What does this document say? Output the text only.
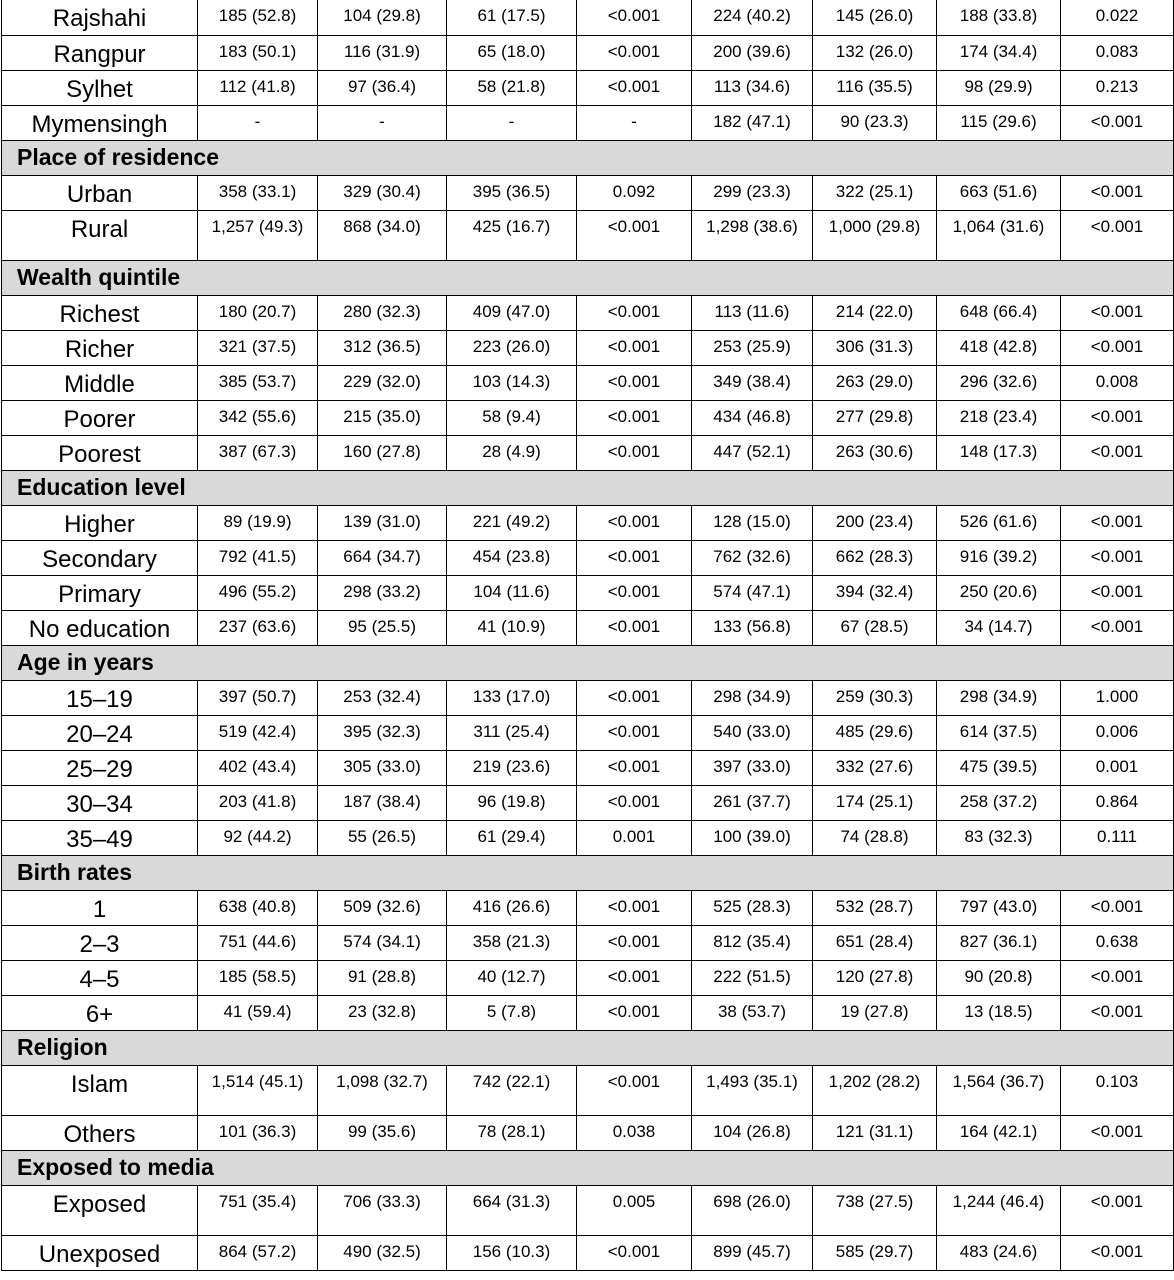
Rajshahi	185 (52.8)	104 (29.8)	61 (17.5)	<0.001	224 (40.2)	145 (26.0)	188 (33.8)	0.022
Rangpur	183 (50.1)	116 (31.9)	65 (18.0)	<0.001	200 (39.6)	132 (26.0)	174 (34.4)	0.083
Sylhet	112 (41.8)	97 (36.4)	58 (21.8)	<0.001	113 (34.6)	116 (35.5)	98 (29.9)	0.213
Mymensingh	-	-	-	-	182 (47.1)	90 (23.3)	115 (29.6)	<0.001
Place of residence								
Urban	358 (33.1)	329 (30.4)	395 (36.5)	0.092	299 (23.3)	322 (25.1)	663 (51.6)	<0.001
Rural	1,257 (49.3)	868 (34.0)	425 (16.7)	<0.001	1,298 (38.6)	1,000 (29.8)	1,064 (31.6)	<0.001
Wealth quintile								
Richest	180 (20.7)	280 (32.3)	409 (47.0)	<0.001	113 (11.6)	214 (22.0)	648 (66.4)	<0.001
Richer	321 (37.5)	312 (36.5)	223 (26.0)	<0.001	253 (25.9)	306 (31.3)	418 (42.8)	<0.001
Middle	385 (53.7)	229 (32.0)	103 (14.3)	<0.001	349 (38.4)	263 (29.0)	296 (32.6)	0.008
Poorer	342 (55.6)	215 (35.0)	58 (9.4)	<0.001	434 (46.8)	277 (29.8)	218 (23.4)	<0.001
Poorest	387 (67.3)	160 (27.8)	28 (4.9)	<0.001	447 (52.1)	263 (30.6)	148 (17.3)	<0.001
Education level								
Higher	89 (19.9)	139 (31.0)	221 (49.2)	<0.001	128 (15.0)	200 (23.4)	526 (61.6)	<0.001
Secondary	792 (41.5)	664 (34.7)	454 (23.8)	<0.001	762 (32.6)	662 (28.3)	916 (39.2)	<0.001
Primary	496 (55.2)	298 (33.2)	104 (11.6)	<0.001	574 (47.1)	394 (32.4)	250 (20.6)	<0.001
No education	237 (63.6)	95 (25.5)	41 (10.9)	<0.001	133 (56.8)	67 (28.5)	34 (14.7)	<0.001
Age in years								
15–19	397 (50.7)	253 (32.4)	133 (17.0)	<0.001	298 (34.9)	259 (30.3)	298 (34.9)	1.000
20–24	519 (42.4)	395 (32.3)	311 (25.4)	<0.001	540 (33.0)	485 (29.6)	614 (37.5)	0.006
25–29	402 (43.4)	305 (33.0)	219 (23.6)	<0.001	397 (33.0)	332 (27.6)	475 (39.5)	0.001
30–34	203 (41.8)	187 (38.4)	96 (19.8)	<0.001	261 (37.7)	174 (25.1)	258 (37.2)	0.864
35–49	92 (44.2)	55 (26.5)	61 (29.4)	0.001	100 (39.0)	74 (28.8)	83 (32.3)	0.111
Birth rates								
1	638 (40.8)	509 (32.6)	416 (26.6)	<0.001	525 (28.3)	532 (28.7)	797 (43.0)	<0.001
2–3	751 (44.6)	574 (34.1)	358 (21.3)	<0.001	812 (35.4)	651 (28.4)	827 (36.1)	0.638
4–5	185 (58.5)	91 (28.8)	40 (12.7)	<0.001	222 (51.5)	120 (27.8)	90 (20.8)	<0.001
6+	41 (59.4)	23 (32.8)	5 (7.8)	<0.001	38 (53.7)	19 (27.8)	13 (18.5)	<0.001
Religion								
Islam	1,514 (45.1)	1,098 (32.7)	742 (22.1)	<0.001	1,493 (35.1)	1,202 (28.2)	1,564 (36.7)	0.103
Others	101 (36.3)	99 (35.6)	78 (28.1)	0.038	104 (26.8)	121 (31.1)	164 (42.1)	<0.001
Exposed to media								
Exposed	751 (35.4)	706 (33.3)	664 (31.3)	0.005	698 (26.0)	738 (27.5)	1,244 (46.4)	<0.001
Unexposed	864 (57.2)	490 (32.5)	156 (10.3)	<0.001	899 (45.7)	585 (29.7)	483 (24.6)	<0.001
